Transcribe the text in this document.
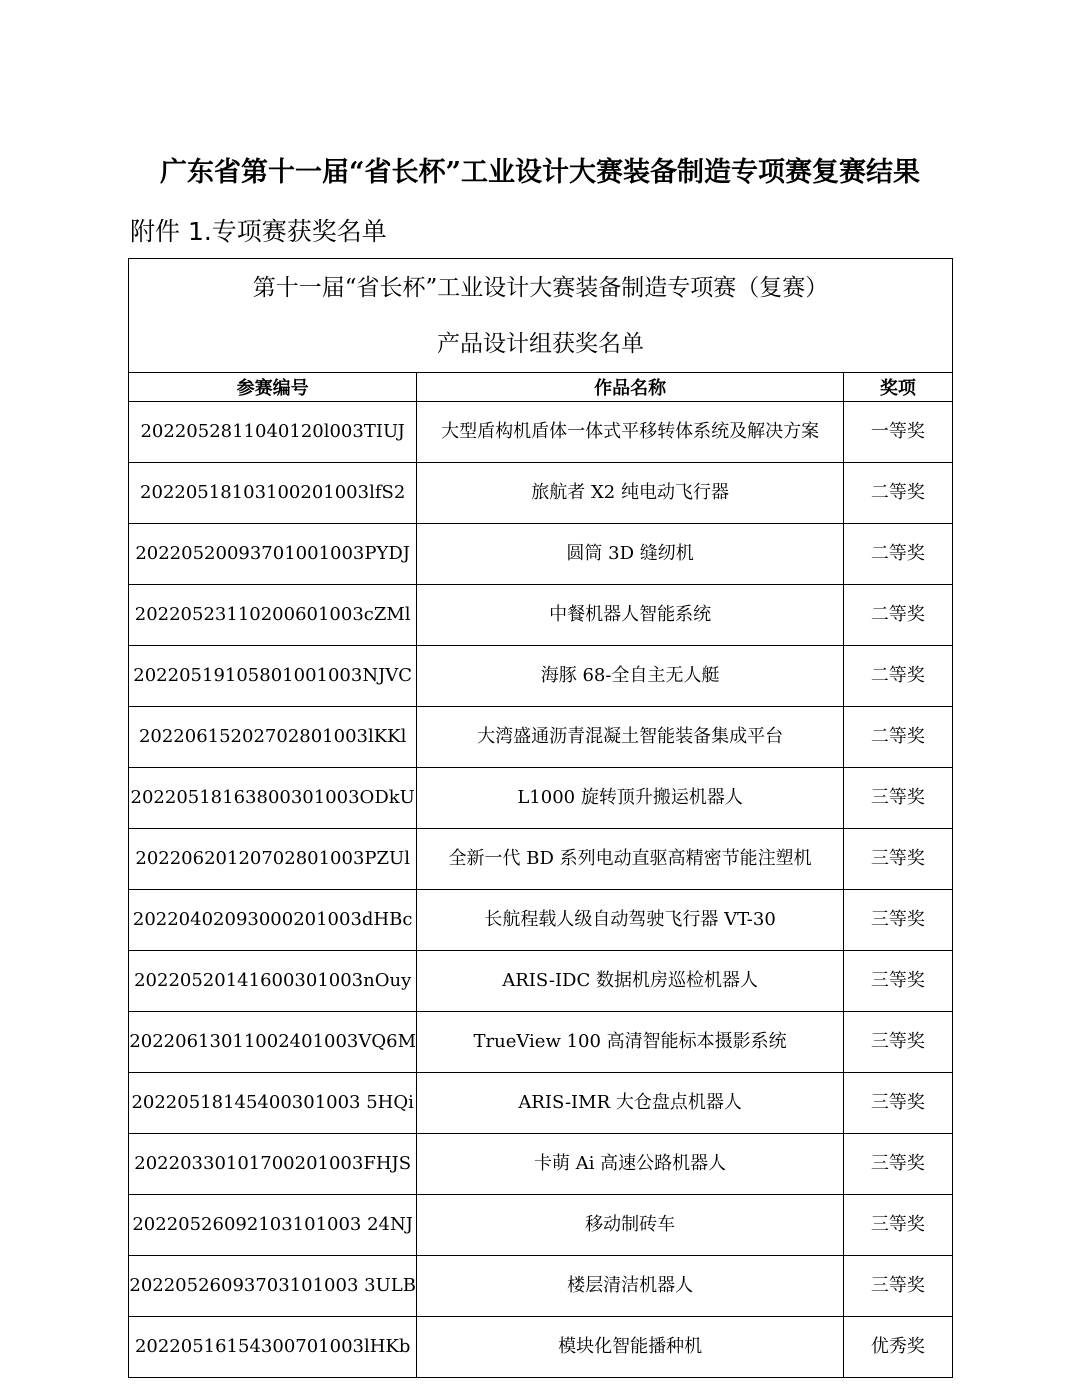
广东省第十一届“省长杯”工业设计大赛装备制造专项赛复赛结果
附件 1.专项赛获奖名单
第十一届“省长杯”工业设计大赛装备制造专项赛（复赛）
产品设计组获奖名单		

参赛编号	作品名称	奖项
2022052811040120l003TIUJ	大型盾构机盾体一体式平移转体系统及解决方案	一等奖
20220518103100201003lfS2	旅航者 X2 纯电动飞行器	二等奖
20220520093701001003PYDJ	圆筒 3D 缝纫机	二等奖
20220523110200601003cZMl	中餐机器人智能系统	二等奖
20220519105801001003NJVC	海豚 68-全自主无人艇	二等奖
20220615202702801003lKKl	大湾盛通沥青混凝土智能装备集成平台	二等奖
20220518163800301003ODkU	L1000 旋转顶升搬运机器人	三等奖
20220620120702801003PZUl	全新一代 BD 系列电动直驱高精密节能注塑机	三等奖
20220402093000201003dHBc	长航程载人级自动驾驶飞行器 VT-30	三等奖
20220520141600301003nOuy	ARIS-IDC 数据机房巡检机器人	三等奖
20220613011002401003VQ6M	TrueView 100 高清智能标本摄影系统	三等奖
20220518145400301003 5HQi	ARIS-IMR 大仓盘点机器人	三等奖
20220330101700201003FHJS	卡萌 Ai 高速公路机器人	三等奖
20220526092103101003 24NJ	移动制砖车	三等奖
20220526093703101003 3ULB	楼层清洁机器人	三等奖
20220516154300701003lHKb	模块化智能播种机	优秀奖
